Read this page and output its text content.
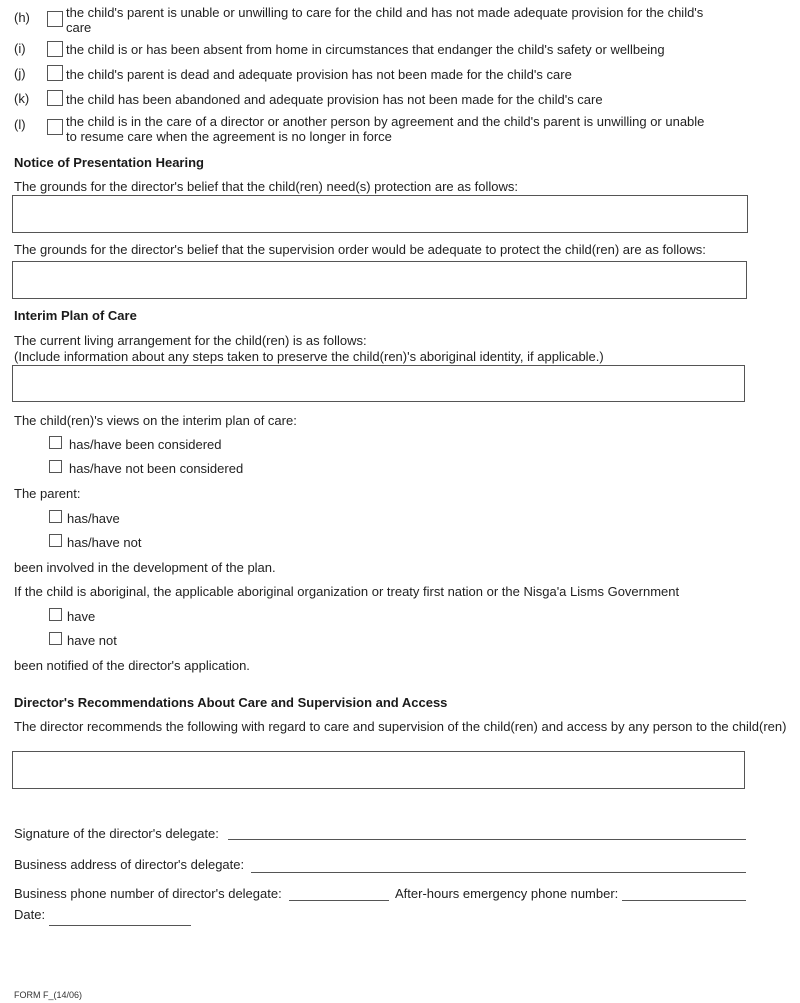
(h)	the child's parent is unable or unwilling to care for the child and has not made adequate provision for the child's
care
(i)	the child is or has been absent from home in circumstances that endanger the child's safety or wellbeing
(j)	the child's parent is dead and adequate provision has not been made for the child's care
(k)	the child has been abandoned and adequate provision has not been made for the child's care
(l)	the child is in the care of a director or another person by agreement and the child's parent is unwilling or unable
to resume care when the agreement is no longer in force
Notice of Presentation Hearing
The grounds for the director's belief that the child(ren) need(s) protection are as follows:
The grounds for the director's belief that the supervision order would be adequate to protect the child(ren) are as follows:
Interim Plan of Care
The current living arrangement for the child(ren) is as follows:
(Include information about any steps taken to preserve the child(ren)'s aboriginal identity, if applicable.)
The child(ren)'s views on the interim plan of care:
has/have been considered
has/have not been considered
The parent:
has/have
has/have not
been involved in the development of the plan.
If the child is aboriginal, the applicable aboriginal organization or treaty first nation or the Nisga'a Lisms Government
have
have not
been notified of the director's application.
Director's Recommendations About Care and Supervision and Access
The director recommends the following with regard to care and supervision of the child(ren) and access by any person to the child(ren)
Signature of the director's delegate:
Business address of director's delegate:
Business phone number of director's delegate:	After-hours emergency phone number:
Date:
FORM F_(14/06)
